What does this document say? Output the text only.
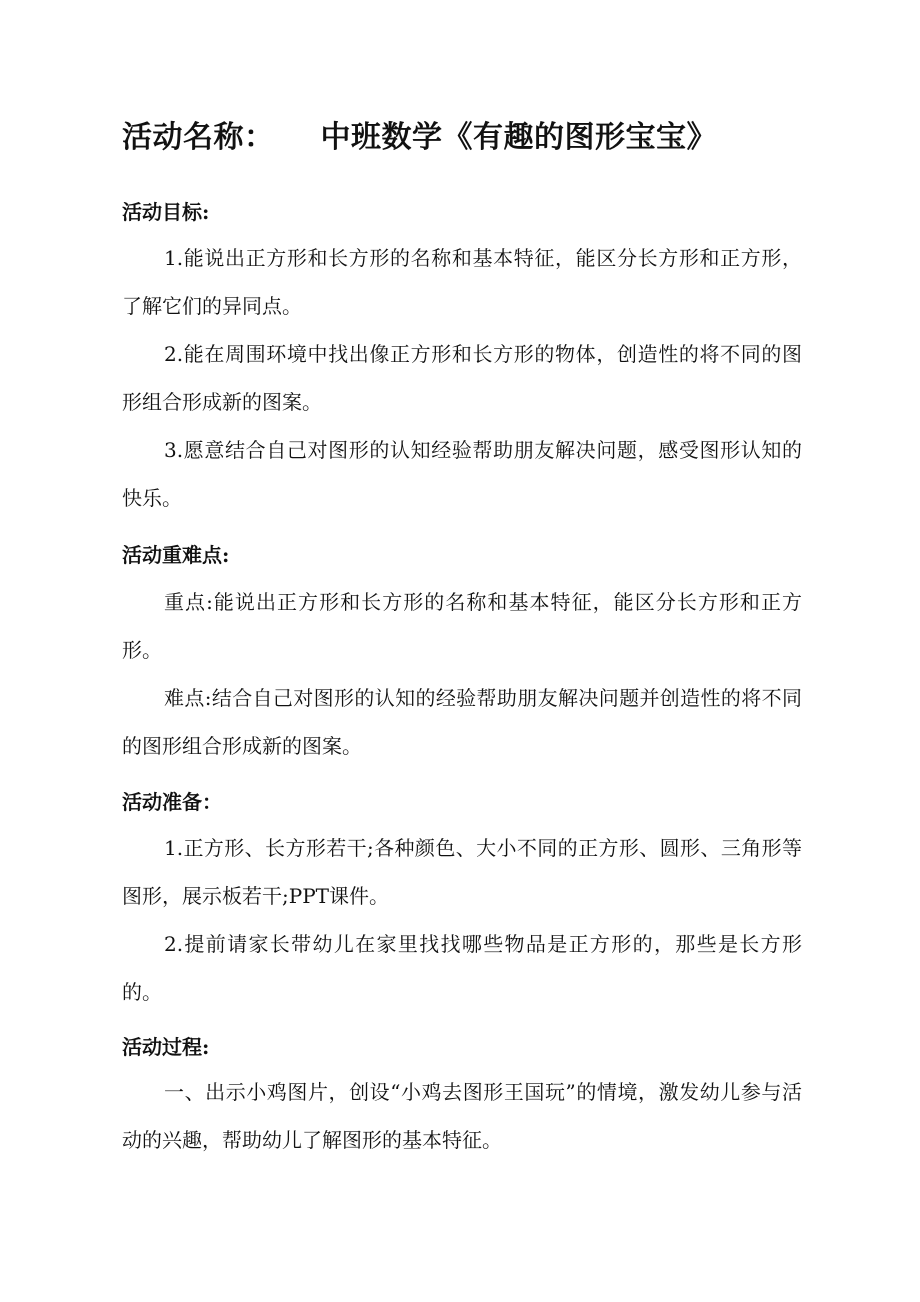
活动名称： 中班数学《有趣的图形宝宝》
活动目标:
1.能说出正方形和长方形的名称和基本特征，能区分长方形和正方形，了解它们的异同点。
2.能在周围环境中找出像正方形和长方形的物体，创造性的将不同的图形组合形成新的图案。
3.愿意结合自己对图形的认知经验帮助朋友解决问题，感受图形认知的快乐。
活动重难点:
重点:能说出正方形和长方形的名称和基本特征，能区分长方形和正方形。
难点:结合自己对图形的认知的经验帮助朋友解决问题并创造性的将不同的图形组合形成新的图案。
活动准备：
1.正方形、长方形若干;各种颜色、大小不同的正方形、圆形、三角形等图形，展示板若干;PPT课件。
2.提前请家长带幼儿在家里找找哪些物品是正方形的，那些是长方形的。
活动过程:
一、出示小鸡图片，创设“小鸡去图形王国玩”的情境，激发幼儿参与活动的兴趣，帮助幼儿了解图形的基本特征。
